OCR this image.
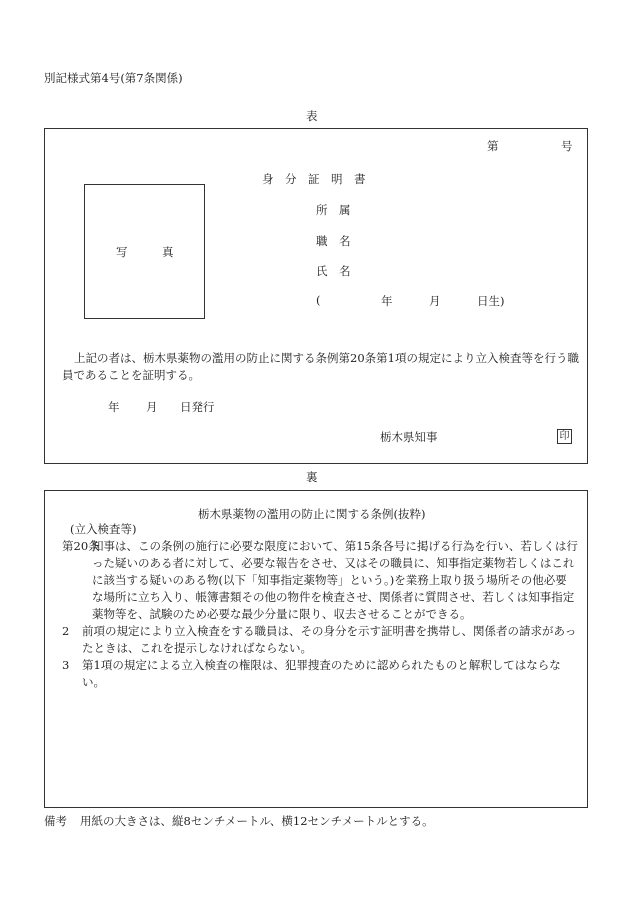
別記様式第4号(第7条関係)
表
第	号
身　分　証　明　書
写　　　真
所　属
職　名
氏　名
(	年	月	日生)
上記の者は、栃木県薬物の濫用の防止に関する条例第20条第1項の規定により立入検査等を行う職員であることを証明する。
年 月 日発行
栃木県知事	印
裏
栃木県薬物の濫用の防止に関する条例(抜粋)
(立入検査等)
第20条
知事は、この条例の施行に必要な限度において、第15条各号に掲げる行為を行い、若しくは行った疑いのある者に対して、必要な報告をさせ、又はその職員に、知事指定薬物若しくはこれに該当する疑いのある物(以下「知事指定薬物等」という。)を業務上取り扱う場所その他必要な場所に立ち入り、帳簿書類その他の物件を検査させ、関係者に質問させ、若しくは知事指定薬物等を、試験のため必要な最少分量に限り、収去させることができる。
2 前項の規定により立入検査をする職員は、その身分を示す証明書を携帯し、関係者の請求があったときは、これを提示しなければならない。
3 第1項の規定による立入検査の権限は、犯罪捜査のために認められたものと解釈してはならない。
備考 用紙の大きさは、縦8センチメートル、横12センチメートルとする。
